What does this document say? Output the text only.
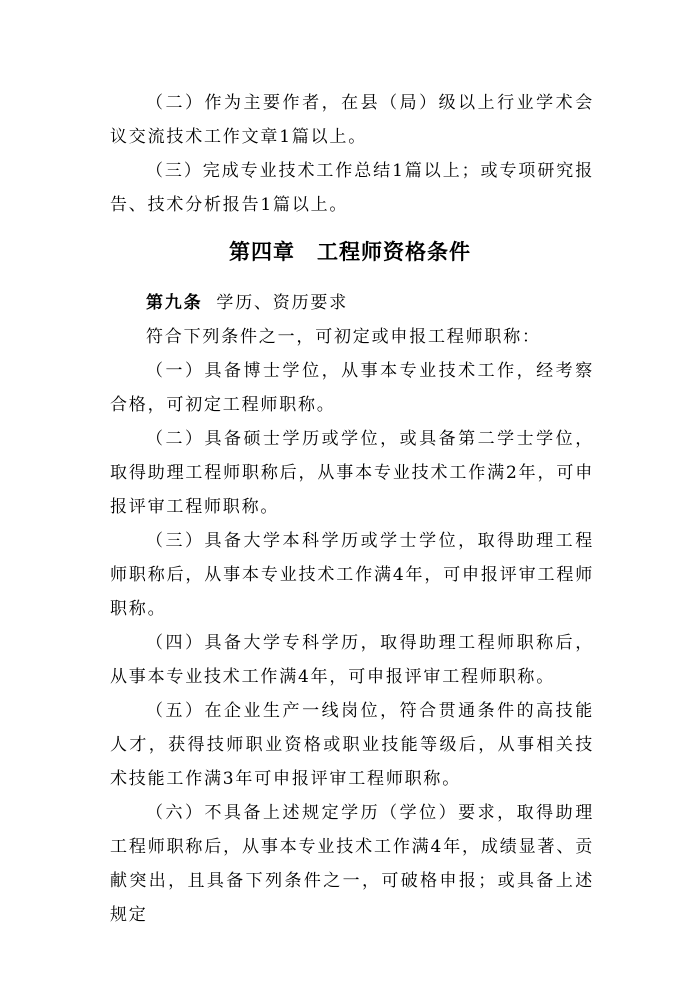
（二）作为主要作者，在县（局）级以上行业学术会议交流技术工作文章1篇以上。

（三）完成专业技术工作总结1篇以上；或专项研究报告、技术分析报告1篇以上。

第四章 工程师资格条件

第九条 学历、资历要求

符合下列条件之一，可初定或申报工程师职称：

（一）具备博士学位，从事本专业技术工作，经考察合格，可初定工程师职称。

（二）具备硕士学历或学位，或具备第二学士学位，取得助理工程师职称后，从事本专业技术工作满2年，可申报评审工程师职称。

（三）具备大学本科学历或学士学位，取得助理工程师职称后，从事本专业技术工作满4年，可申报评审工程师职称。

（四）具备大学专科学历，取得助理工程师职称后，从事本专业技术工作满4年，可申报评审工程师职称。

（五）在企业生产一线岗位，符合贯通条件的高技能人才，获得技师职业资格或职业技能等级后，从事相关技术技能工作满3年可申报评审工程师职称。

（六）不具备上述规定学历（学位）要求，取得助理工程师职称后，从事本专业技术工作满4年，成绩显著、贡献突出，且具备下列条件之一，可破格申报；或具备上述规定
